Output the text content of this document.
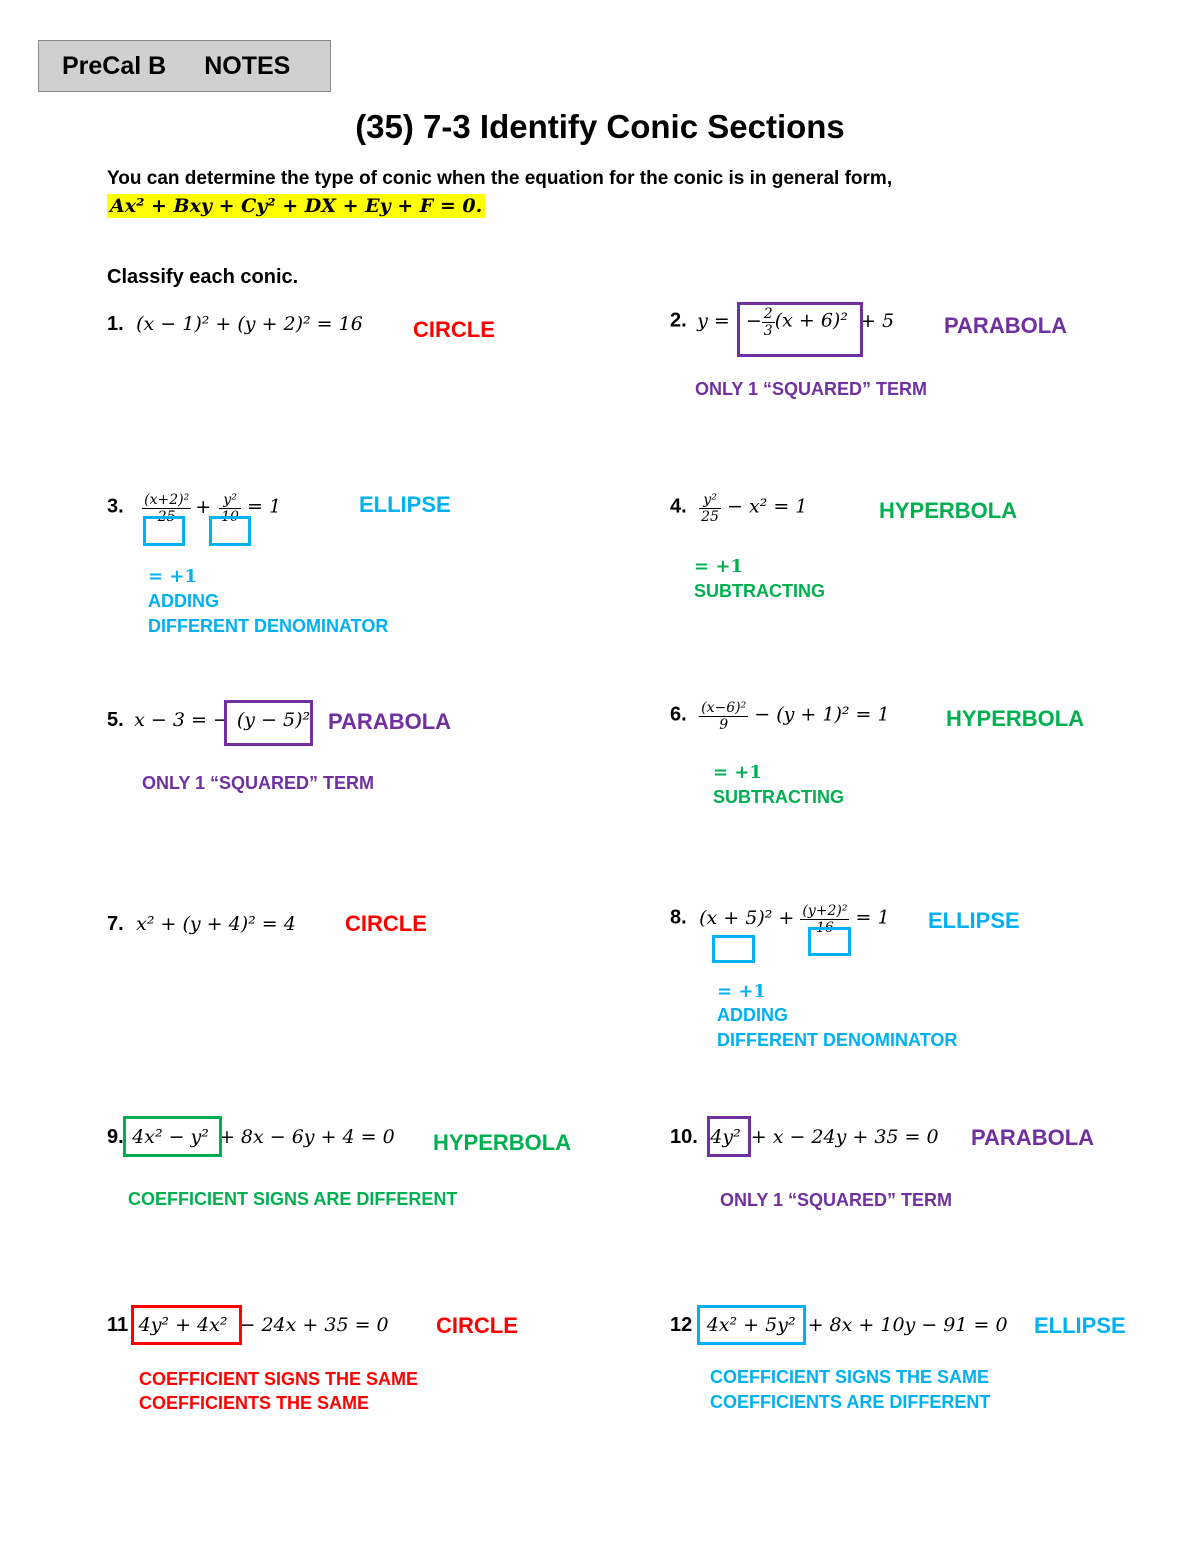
PreCal B NOTES
(35) 7-3 Identify Conic Sections
You can determine the type of conic when the equation for the conic is in general form,
Ax² + Bxy + Cy² + DX + Ey + F = 0.
Classify each conic.
1. (x − 1)² + (y + 2)² = 16 CIRCLE	2. y = − $\frac{2}{3} (x + 6)^2 + 5$ PARABOLA
ONLY 1 “SQUARED” TERM
3. $\frac{\text{(x+2)²}}{25} + \frac{\text{y²}}{10} = 1$	ELLIPSE
= +1
ADDING
DIFFERENT DENOMINATOR
4. $\frac{\text{y²}}{25} - x^2 = 1$	HYPERBOLA
= +1
SUBTRACTING
5. x − 3 = − (y − 5)² PARABOLA
ONLY 1 “SQUARED” TERM
6. $\frac{\text{(x−6)²}}{9} - (y + 1)^2 = 1$	HYPERBOLA
= +1
SUBTRACTING
7. x² + (y + 4)² = 4 CIRCLE	8. $(x + 5)^2 + \frac{\text{(y+2)²}}{16} = 1$ ELLIPSE
= +1
ADDING
DIFFERENT DENOMINATOR
9. 4x² − y² + 8x − 6y + 4 = 0 HYPERBOLA
COEFFICIENT SIGNS ARE DIFFERENT
10. 4y² + x − 24y + 35 = 0 PARABOLA
ONLY 1 “SQUARED” TERM
11 4y² + 4x² − 24x + 35 = 0 CIRCLE
COEFFICIENT SIGNS THE SAME
COEFFICIENTS THE SAME
12 4x² + 5y² + 8x + 10y − 91 = 0 ELLIPSE
COEFFICIENT SIGNS THE SAME
COEFFICIENTS ARE DIFFERENT
